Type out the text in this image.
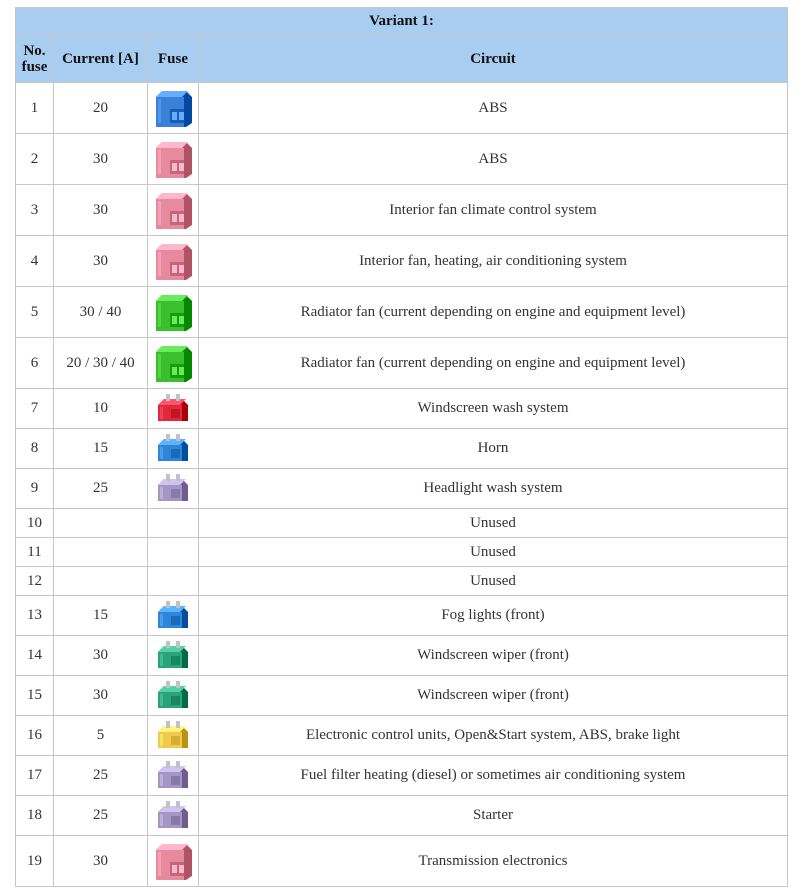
Variant 1:			
No. fuse	Current [A]	Fuse	Circuit
1	20		ABS
2	30		ABS
3	30		Interior fan climate control system
4	30		Interior fan, heating, air conditioning system
5	30 / 40		Radiator fan (current depending on engine and equipment level)
6	20 / 30 / 40		Radiator fan (current depending on engine and equipment level)
7	10		Windscreen wash system
8	15		Horn
9	25		Headlight wash system
10			Unused
11			Unused
12			Unused
13	15		Fog lights (front)
14	30		Windscreen wiper (front)
15	30		Windscreen wiper (front)
16	5		Electronic control units, Open&Start system, ABS, brake light
17	25		Fuel filter heating (diesel) or sometimes air conditioning system
18	25		Starter
19	30		Transmission electronics
